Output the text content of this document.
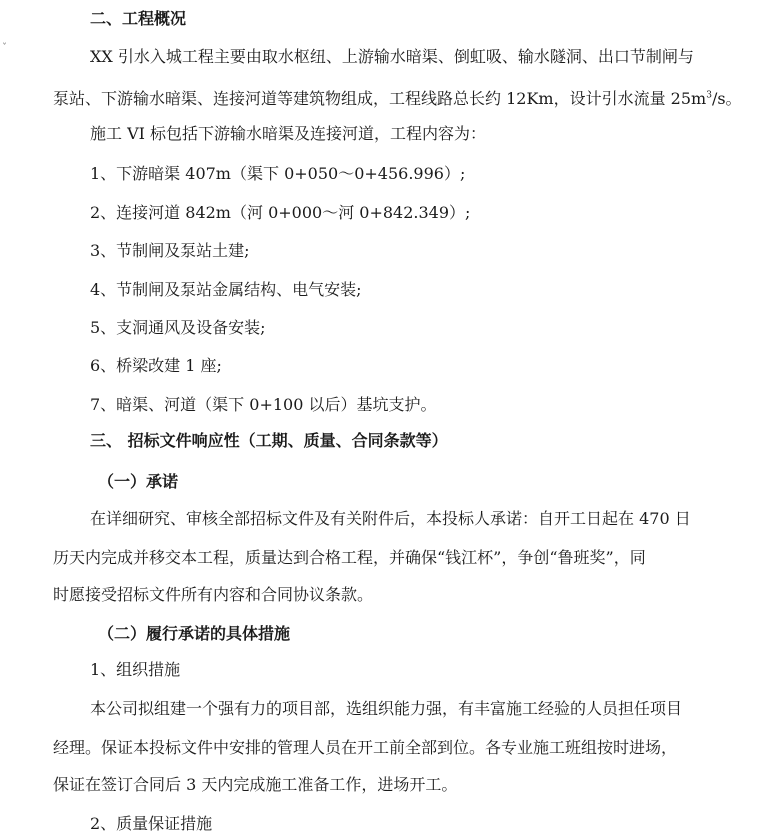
ˇ
二、工程概况
XX 引水入城工程主要由取水枢纽、上游输水暗渠、倒虹吸、输水隧洞、出口节制闸与
泵站、下游输水暗渠、连接河道等建筑物组成，工程线路总长约 12Km，设计引水流量 $25m^3/s$。
施工 VI 标包括下游输水暗渠及连接河道，工程内容为：
1、下游暗渠 407m（渠下 0+050～0+456.996）;
2、连接河道 842m（河 0+000～河 0+842.349）;
3、节制闸及泵站土建;
4、节制闸及泵站金属结构、电气安装;
5、支洞通风及设备安装;
6、桥梁改建 1 座;
7、暗渠、河道（渠下 0+100 以后）基坑支护。
三、 招标文件响应性（工期、质量、合同条款等）
（一）承诺
在详细研究、审核全部招标文件及有关附件后，本投标人承诺：自开工日起在 470 日
历天内完成并移交本工程，质量达到合格工程，并确保“钱江杯”，争创“鲁班奖”，同
时愿接受招标文件所有内容和合同协议条款。
（二）履行承诺的具体措施
1、组织措施
本公司拟组建一个强有力的项目部，选组织能力强，有丰富施工经验的人员担任项目
经理。保证本投标文件中安排的管理人员在开工前全部到位。各专业施工班组按时进场，
保证在签订合同后 3 天内完成施工准备工作，进场开工。
2、质量保证措施
